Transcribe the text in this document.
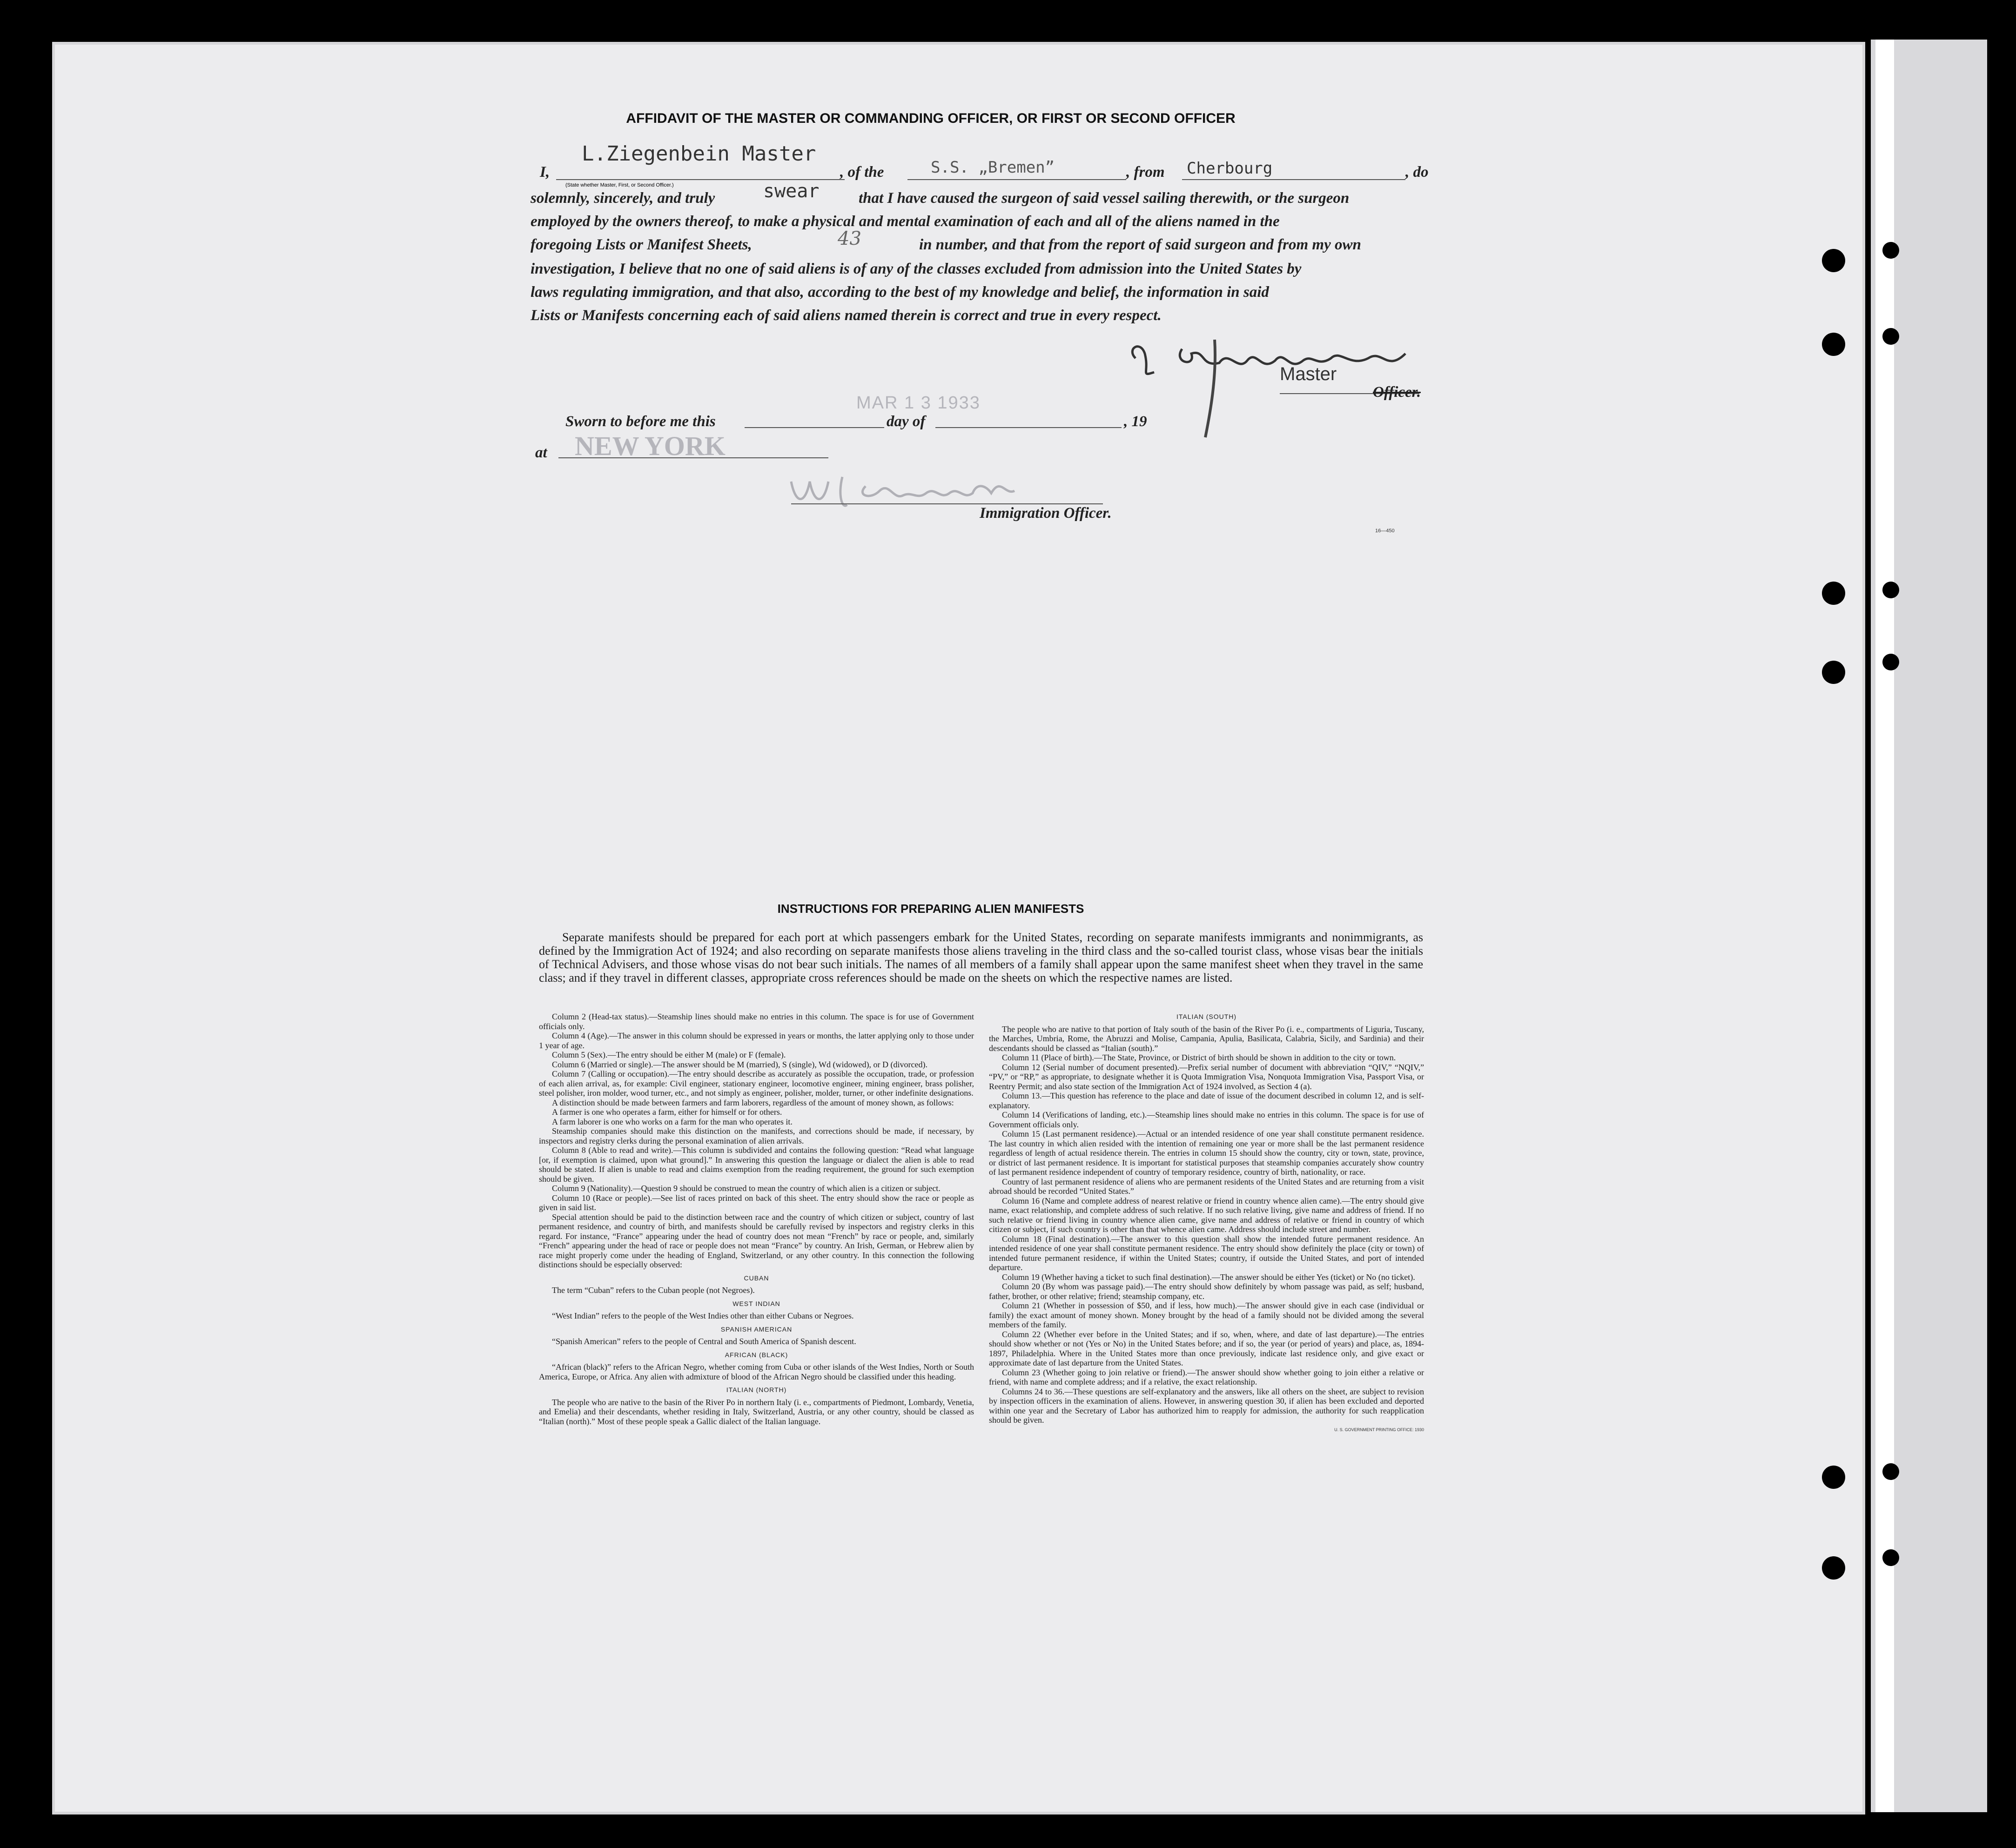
AFFIDAVIT OF THE MASTER OR COMMANDING OFFICER, OR FIRST OR SECOND OFFICER
I,
L.Ziegenbein Master
(State whether Master, First, or Second Officer.)
, of the	S.S. „Bremen”	, from Cherbourg	, do
solemnly, sincerely, and truly	swear	that I have caused the surgeon of said vessel sailing therewith, or the surgeon
employed by the owners thereof, to make a physical and mental examination of each and all of the aliens named in the
foregoing Lists or Manifest Sheets,	43	in number, and that from the report of said surgeon and from my own
investigation, I believe that no one of said aliens is of any of the classes excluded from admission into the United States by
laws regulating immigration, and that also, according to the best of my knowledge and belief, the information in said
Lists or Manifests concerning each of said aliens named therein is correct and true in every respect.
Master
Officer.
Sworn to before me this
MAR 1 3 1933
day of	, 19
at NEW YORK
Immigration Officer.
16—450
INSTRUCTIONS FOR PREPARING ALIEN MANIFESTS
Separate manifests should be prepared for each port at which passengers embark for the United States, recording on separate manifests immigrants and nonimmigrants, as defined by the Immigration Act of 1924; and also recording on separate manifests those aliens traveling in the third class and the so-called tourist class, whose visas bear the initials of Technical Advisers, and those whose visas do not bear such initials. The names of all members of a family shall appear upon the same manifest sheet when they travel in the same class; and if they travel in different classes, appropriate cross references should be made on the sheets on which the respective names are listed.

Column 2 (Head-tax status).—Steamship lines should make no entries in this column. The space is for use of Government officials only.

Column 4 (Age).—The answer in this column should be expressed in years or months, the latter applying only to those under 1 year of age.

Column 5 (Sex).—The entry should be either M (male) or F (female).

Column 6 (Married or single).—The answer should be M (married), S (single), Wd (widowed), or D (divorced).

Column 7 (Calling or occupation).—The entry should describe as accurately as possible the occupation, trade, or profession of each alien arrival, as, for example: Civil engineer, stationary engineer, locomotive engineer, mining engineer, brass polisher, steel polisher, iron molder, wood turner, etc., and not simply as engineer, polisher, molder, turner, or other indefinite designations.

A distinction should be made between farmers and farm laborers, regardless of the amount of money shown, as follows:

A farmer is one who operates a farm, either for himself or for others.

A farm laborer is one who works on a farm for the man who operates it.

Steamship companies should make this distinction on the manifests, and corrections should be made, if necessary, by inspectors and registry clerks during the personal examination of alien arrivals.

Column 8 (Able to read and write).—This column is subdivided and contains the following question: “Read what language [or, if exemption is claimed, upon what ground].” In answering this question the language or dialect the alien is able to read should be stated. If alien is unable to read and claims exemption from the reading requirement, the ground for such exemption should be given.

Column 9 (Nationality).—Question 9 should be construed to mean the country of which alien is a citizen or subject.

Column 10 (Race or people).—See list of races printed on back of this sheet. The entry should show the race or people as given in said list.

Special attention should be paid to the distinction between race and the country of which citizen or subject, country of last permanent residence, and country of birth, and manifests should be carefully revised by inspectors and registry clerks in this regard. For instance, “France” appearing under the head of country does not mean “French” by race or people, and, similarly “French” appearing under the head of race or people does not mean “France” by country. An Irish, German, or Hebrew alien by race might properly come under the heading of England, Switzerland, or any other country. In this connection the following distinctions should be especially observed:

CUBAN

The term “Cuban” refers to the Cuban people (not Negroes).

WEST INDIAN

“West Indian” refers to the people of the West Indies other than either Cubans or Negroes.

SPANISH AMERICAN

“Spanish American” refers to the people of Central and South America of Spanish descent.

AFRICAN (BLACK)

“African (black)” refers to the African Negro, whether coming from Cuba or other islands of the West Indies, North or South America, Europe, or Africa. Any alien with admixture of blood of the African Negro should be classified under this heading.

ITALIAN (NORTH)

The people who are native to the basin of the River Po in northern Italy (i. e., compartments of Piedmont, Lombardy, Venetia, and Emelia) and their descendants, whether residing in Italy, Switzerland, Austria, or any other country, should be classed as “Italian (north).” Most of these people speak a Gallic dialect of the Italian language.

ITALIAN (SOUTH)

The people who are native to that portion of Italy south of the basin of the River Po (i. e., compartments of Liguria, Tuscany, the Marches, Umbria, Rome, the Abruzzi and Molise, Campania, Apulia, Basilicata, Calabria, Sicily, and Sardinia) and their descendants should be classed as “Italian (south).”

Column 11 (Place of birth).—The State, Province, or District of birth should be shown in addition to the city or town.

Column 12 (Serial number of document presented).—Prefix serial number of document with abbreviation “QIV,” “NQIV,” “PV,” or “RP,” as appropriate, to designate whether it is Quota Immigration Visa, Nonquota Immigration Visa, Passport Visa, or Reentry Permit; and also state section of the Immigration Act of 1924 involved, as Section 4 (a).

Column 13.—This question has reference to the place and date of issue of the document described in column 12, and is self-explanatory.

Column 14 (Verifications of landing, etc.).—Steamship lines should make no entries in this column. The space is for use of Government officials only.

Column 15 (Last permanent residence).—Actual or an intended residence of one year shall constitute permanent residence. The last country in which alien resided with the intention of remaining one year or more shall be the last permanent residence regardless of length of actual residence therein. The entries in column 15 should show the country, city or town, state, province, or district of last permanent residence. It is important for statistical purposes that steamship companies accurately show country of last permanent residence independent of country of temporary residence, country of birth, nationality, or race.

Country of last permanent residence of aliens who are permanent residents of the United States and are returning from a visit abroad should be recorded “United States.”

Column 16 (Name and complete address of nearest relative or friend in country whence alien came).—The entry should give name, exact relationship, and complete address of such relative. If no such relative living, give name and address of friend. If no such relative or friend living in country whence alien came, give name and address of relative or friend in country of which citizen or subject, if such country is other than that whence alien came. Address should include street and number.

Column 18 (Final destination).—The answer to this question shall show the intended future permanent residence. An intended residence of one year shall constitute permanent residence. The entry should show definitely the place (city or town) of intended future permanent residence, if within the United States; country, if outside the United States, and port of intended departure.

Column 19 (Whether having a ticket to such final destination).—The answer should be either Yes (ticket) or No (no ticket).

Column 20 (By whom was passage paid).—The entry should show definitely by whom passage was paid, as self; husband, father, brother, or other relative; friend; steamship company, etc.

Column 21 (Whether in possession of $50, and if less, how much).—The answer should give in each case (individual or family) the exact amount of money shown. Money brought by the head of a family should not be divided among the several members of the family.

Column 22 (Whether ever before in the United States; and if so, when, where, and date of last departure).—The entries should show whether or not (Yes or No) in the United States before; and if so, the year (or period of years) and place, as, 1894-1897, Philadelphia. Where in the United States more than once previously, indicate last residence only, and give exact or approximate date of last departure from the United States.

Column 23 (Whether going to join relative or friend).—The answer should show whether going to join either a relative or friend, with name and complete address; and if a relative, the exact relationship.

Columns 24 to 36.—These questions are self-explanatory and the answers, like all others on the sheet, are subject to revision by inspection officers in the examination of aliens. However, in answering question 30, if alien has been excluded and deported within one year and the Secretary of Labor has authorized him to reapply for admission, the authority for such reapplication should be given.

U. S. GOVERNMENT PRINTING OFFICE: 1930
